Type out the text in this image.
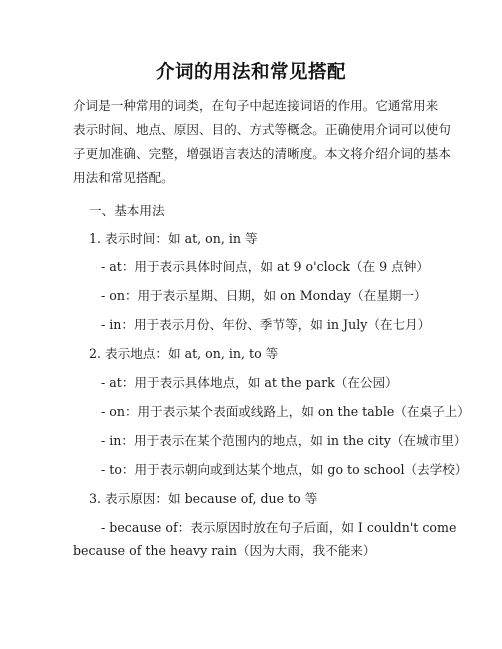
介词的用法和常见搭配
介词是一种常用的词类，在句子中起连接词语的作用。它通常用来
表示时间、地点、原因、目的、方式等概念。正确使用介词可以使句
子更加准确、完整，增强语言表达的清晰度。本文将介绍介词的基本
用法和常见搭配。
一、基本用法
1. 表示时间：如 at, on, in 等
- at：用于表示具体时间点，如 at 9 o'clock（在 9 点钟）
- on：用于表示星期、日期，如 on Monday（在星期一）
- in：用于表示月份、年份、季节等，如 in July（在七月）
2. 表示地点：如 at, on, in, to 等
- at：用于表示具体地点，如 at the park（在公园）
- on：用于表示某个表面或线路上，如 on the table（在桌子上）
- in：用于表示在某个范围内的地点，如 in the city（在城市里）
- to：用于表示朝向或到达某个地点，如 go to school（去学校）
3. 表示原因：如 because of, due to 等
- because of：表示原因时放在句子后面，如 I couldn't come
because of the heavy rain（因为大雨，我不能来）
